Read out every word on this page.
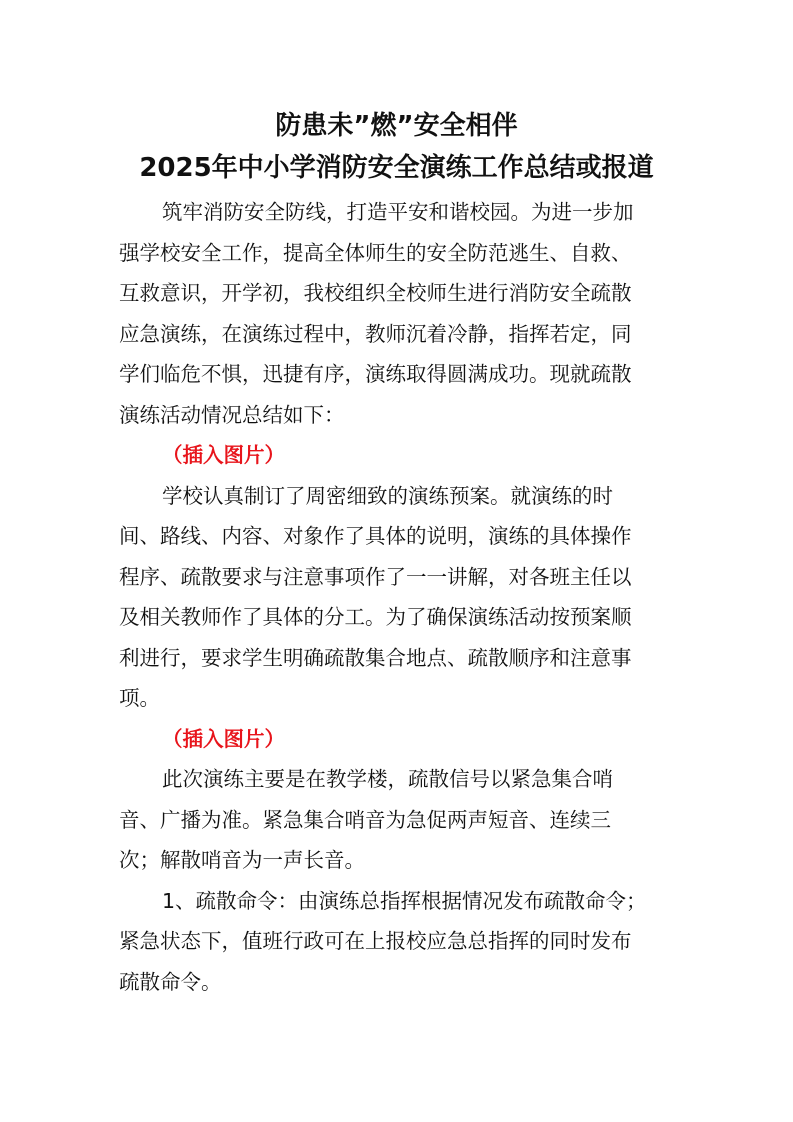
防患未”燃”安全相伴
2025年中小学消防安全演练工作总结或报道
筑牢消防安全防线，打造平安和谐校园。为进一步加
强学校安全工作，提高全体师生的安全防范逃生、自救、
互救意识，开学初，我校组织全校师生进行消防安全疏散
应急演练，在演练过程中，教师沉着冷静，指挥若定，同
学们临危不惧，迅捷有序，演练取得圆满成功。现就疏散
演练活动情况总结如下：
（插入图片）
学校认真制订了周密细致的演练预案。就演练的时
间、路线、内容、对象作了具体的说明，演练的具体操作
程序、疏散要求与注意事项作了一一讲解，对各班主任以
及相关教师作了具体的分工。为了确保演练活动按预案顺
利进行，要求学生明确疏散集合地点、疏散顺序和注意事
项。
（插入图片）
此次演练主要是在教学楼，疏散信号以紧急集合哨
音、广播为准。紧急集合哨音为急促两声短音、连续三
次；解散哨音为一声长音。
1、疏散命令：由演练总指挥根据情况发布疏散命令；
紧急状态下，值班行政可在上报校应急总指挥的同时发布
疏散命令。
